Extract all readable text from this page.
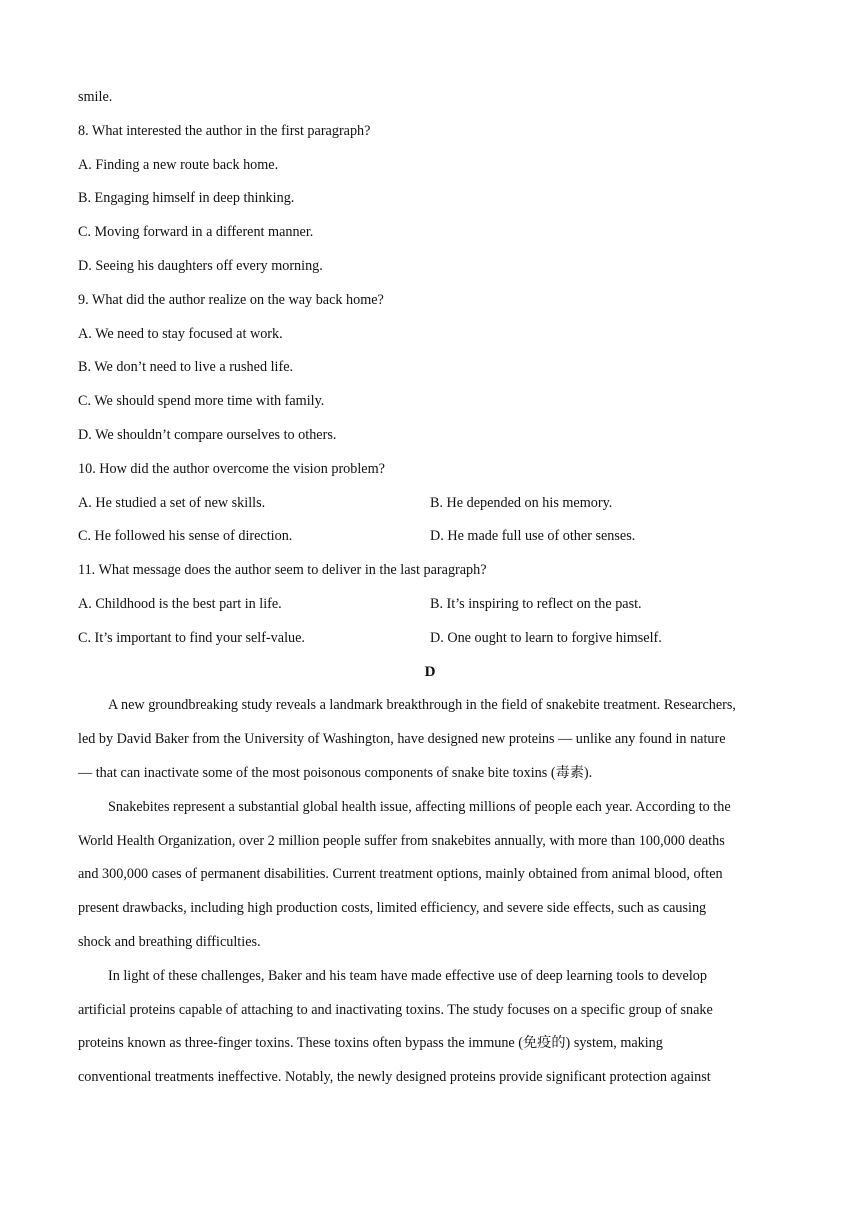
smile.
8. What interested the author in the first paragraph?
A. Finding a new route back home.
B. Engaging himself in deep thinking.
C. Moving forward in a different manner.
D. Seeing his daughters off every morning.
9. What did the author realize on the way back home?
A. We need to stay focused at work.
B. We don’t need to live a rushed life.
C. We should spend more time with family.
D. We shouldn’t compare ourselves to others.
10. How did the author overcome the vision problem?
A. He studied a set of new skills.	B. He depended on his memory.
C. He followed his sense of direction.	D. He made full use of other senses.
11. What message does the author seem to deliver in the last paragraph?
A. Childhood is the best part in life.	B. It’s inspiring to reflect on the past.
C. It’s important to find your self-value.	D. One ought to learn to forgive himself.
D
A new groundbreaking study reveals a landmark breakthrough in the field of snakebite treatment. Researchers,
led by David Baker from the University of Washington, have designed new proteins — unlike any found in nature
— that can inactivate some of the most poisonous components of snake bite toxins (毒素).
Snakebites represent a substantial global health issue, affecting millions of people each year. According to the
World Health Organization, over 2 million people suffer from snakebites annually, with more than 100,000 deaths
and 300,000 cases of permanent disabilities. Current treatment options, mainly obtained from animal blood, often
present drawbacks, including high production costs, limited efficiency, and severe side effects, such as causing
shock and breathing difficulties.
In light of these challenges, Baker and his team have made effective use of deep learning tools to develop
artificial proteins capable of attaching to and inactivating toxins. The study focuses on a specific group of snake
proteins known as three-finger toxins. These toxins often bypass the immune (免疫的) system, making
conventional treatments ineffective. Notably, the newly designed proteins provide significant protection against
